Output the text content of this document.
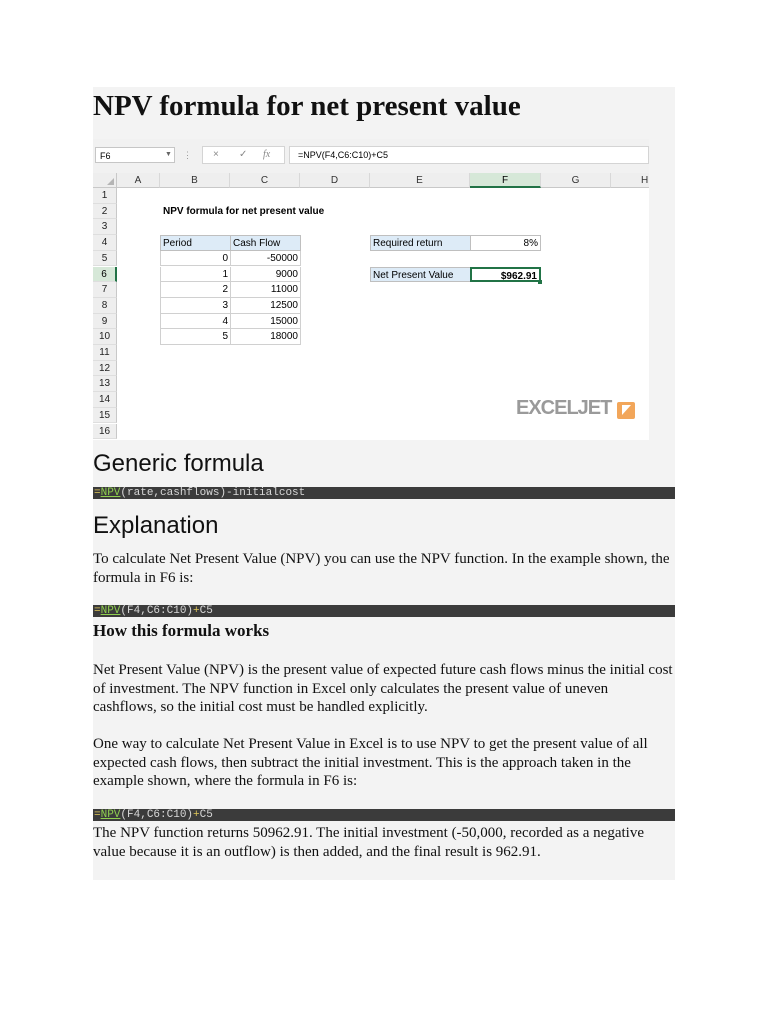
NPV formula for net present value
F6	▼ ⋮ × ✓ fx	=NPV(F4,C6:C10)+C5
A	B	C	D	E	F	G	H
1
2
3
4
5
6
7
8
9
10
11
12
13
14
15
16
NPV formula for net present value
Period	Cash Flow
0	-50000
1	9000
2	11000
3	12500
4	15000
5	18000
Required return	8%
Net Present Value	$962.91
EXCELJET
Generic formula
=NPV(rate,cashflows)-initialcost
Explanation
To calculate Net Present Value (NPV) you can use the NPV function. In the example shown, the formula in F6 is:
=NPV(F4,C6:C10)+C5
How this formula works
Net Present Value (NPV) is the present value of expected future cash flows minus the initial cost of investment. The NPV function in Excel only calculates the present value of uneven cashflows, so the initial cost must be handled explicitly.
One way to calculate Net Present Value in Excel is to use NPV to get the present value of all expected cash flows, then subtract the initial investment. This is the approach taken in the example shown, where the formula in F6 is:
=NPV(F4,C6:C10)+C5
The NPV function returns 50962.91. The initial investment (-50,000, recorded as a negative value because it is an outflow) is then added, and the final result is 962.91.
